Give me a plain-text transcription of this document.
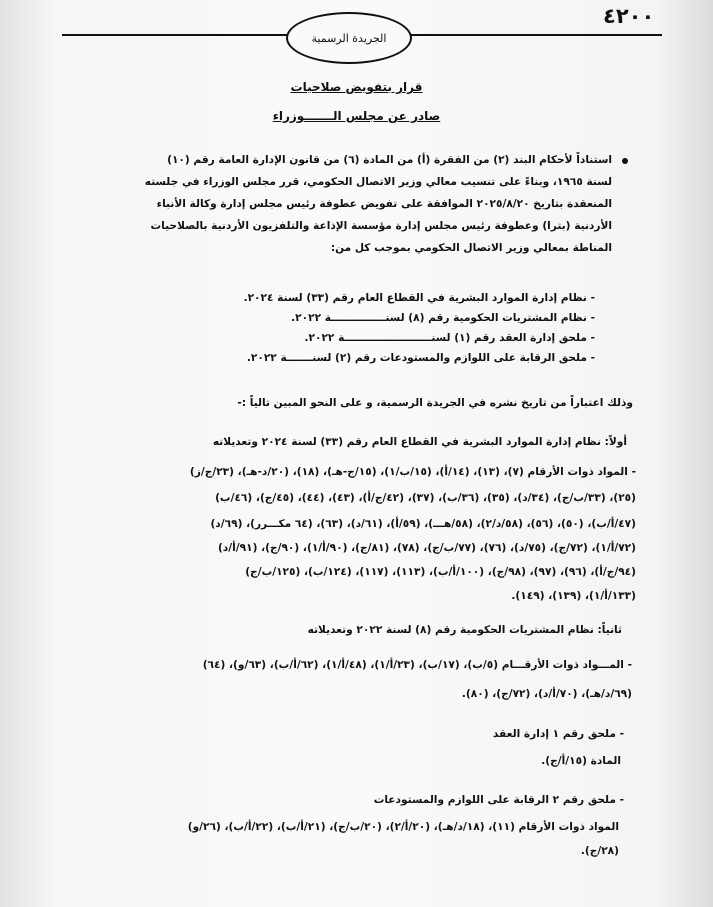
٤٢٠٠
الجريدة الرسمية
قرار بتفويض صلاحيات
صادر عن مجلس الـــــــوزراء
استناداً لأحكام البند (٢) من الفقرة (أ) من المادة (٦) من قانون الإدارة العامة رقم (١٠)
لسنة ١٩٦٥، وبناءً على تنسيب معالي وزير الاتصال الحكومي، قرر مجلس الوزراء في جلسته
المنعقدة بتاريخ ٢٠٢٥/٨/٢٠ الموافقة على تفويض عطوفة رئيس مجلس إدارة وكالة الأنباء
الأردنية (بترا) وعطوفة رئيس مجلس إدارة مؤسسة الإذاعة والتلفزيون الأردنية بالصلاحيات
المناطة بمعالي وزير الاتصال الحكومي بموجب كل من:
- نظام إدارة الموارد البشرية في القطاع العام رقم (٣٣) لسنة ٢٠٢٤.
- نظام المشتريات الحكومية رقم (٨) لسنـــــــــــــــة ٢٠٢٢.
- ملحق إدارة العقد رقم (١) لسنــــــــــــــــــــــــة ٢٠٢٢.
- ملحق الرقابة على اللوازم والمستودعات رقم (٢) لسنـــــــة ٢٠٢٢.
وذلك اعتباراً من تاريخ نشره في الجريدة الرسمية، و على النحو المبين تالياً :-
أولاً: نظام إدارة الموارد البشرية في القطاع العام رقم (٣٣) لسنة ٢٠٢٤ وتعديلاته
- المواد ذوات الأرقام (٧)، (١٣)، (١٤/أ)، (١٥/ب/١)، (١٥/ج-هـ)، (١٨)، (٢٠/د-هـ)، (٢٣/ج/ز)
(٢٥)، (٣٣/ب/ج)، (٣٤/د)، (٣٥)، (٣٦/ب)، (٣٧)، (٤٢/ج/أ)، (٤٣)، (٤٤)، (٤٥/ج)، (٤٦/ب)
(٤٧/أ/ب)، (٥٠)، (٥٦)، (٥٨/د/٢)، (٥٨/هـــ)، (٥٩/أ)، (٦١/د)، (٦٣)، (٦٤ مكـــرر)، (٦٩/د)
(٧٢/أ/١)، (٧٢/ج)، (٧٥/د)، (٧٦)، (٧٧/ب/ج)، (٧٨)، (٨١/ج)، (٩٠/أ/١)، (٩٠/ج)، (٩١/أ/د)
(٩٤/ج/أ)، (٩٦)، (٩٧)، (٩٨/ج)، (١٠٠/أ/ب)، (١١٣)، (١١٧)، (١٢٤/ب)، (١٢٥/ب/ج)
(١٣٣/أ/١)، (١٣٩)، (١٤٩).
ثانياً: نظام المشتريات الحكومية رقم (٨) لسنة ٢٠٢٢ وتعديلاته
- المـــواد ذوات الأرقـــام (٥/ب)، (١٧/ب)، (٢٣/أ/١)، (٤٨/أ/١)، (٦٢/أ/ب)، (٦٣/و)، (٦٤)
(٦٩/د/هـ)، (٧٠/أ/د)، (٧٢/ج)، (٨٠).
- ملحق رقم ١ إدارة العقد
المادة (١٥/أ/ج).
- ملحق رقم ٢ الرقابة على اللوازم والمستودعات
المواد ذوات الأرقام (١١)، (١٨/د/هـ)، (٢٠/أ/٢)، (٢٠/ب/ج)، (٢١/أ/ب)، (٢٢/أ/ب)، (٢٦/و)
(٢٨/ج).
